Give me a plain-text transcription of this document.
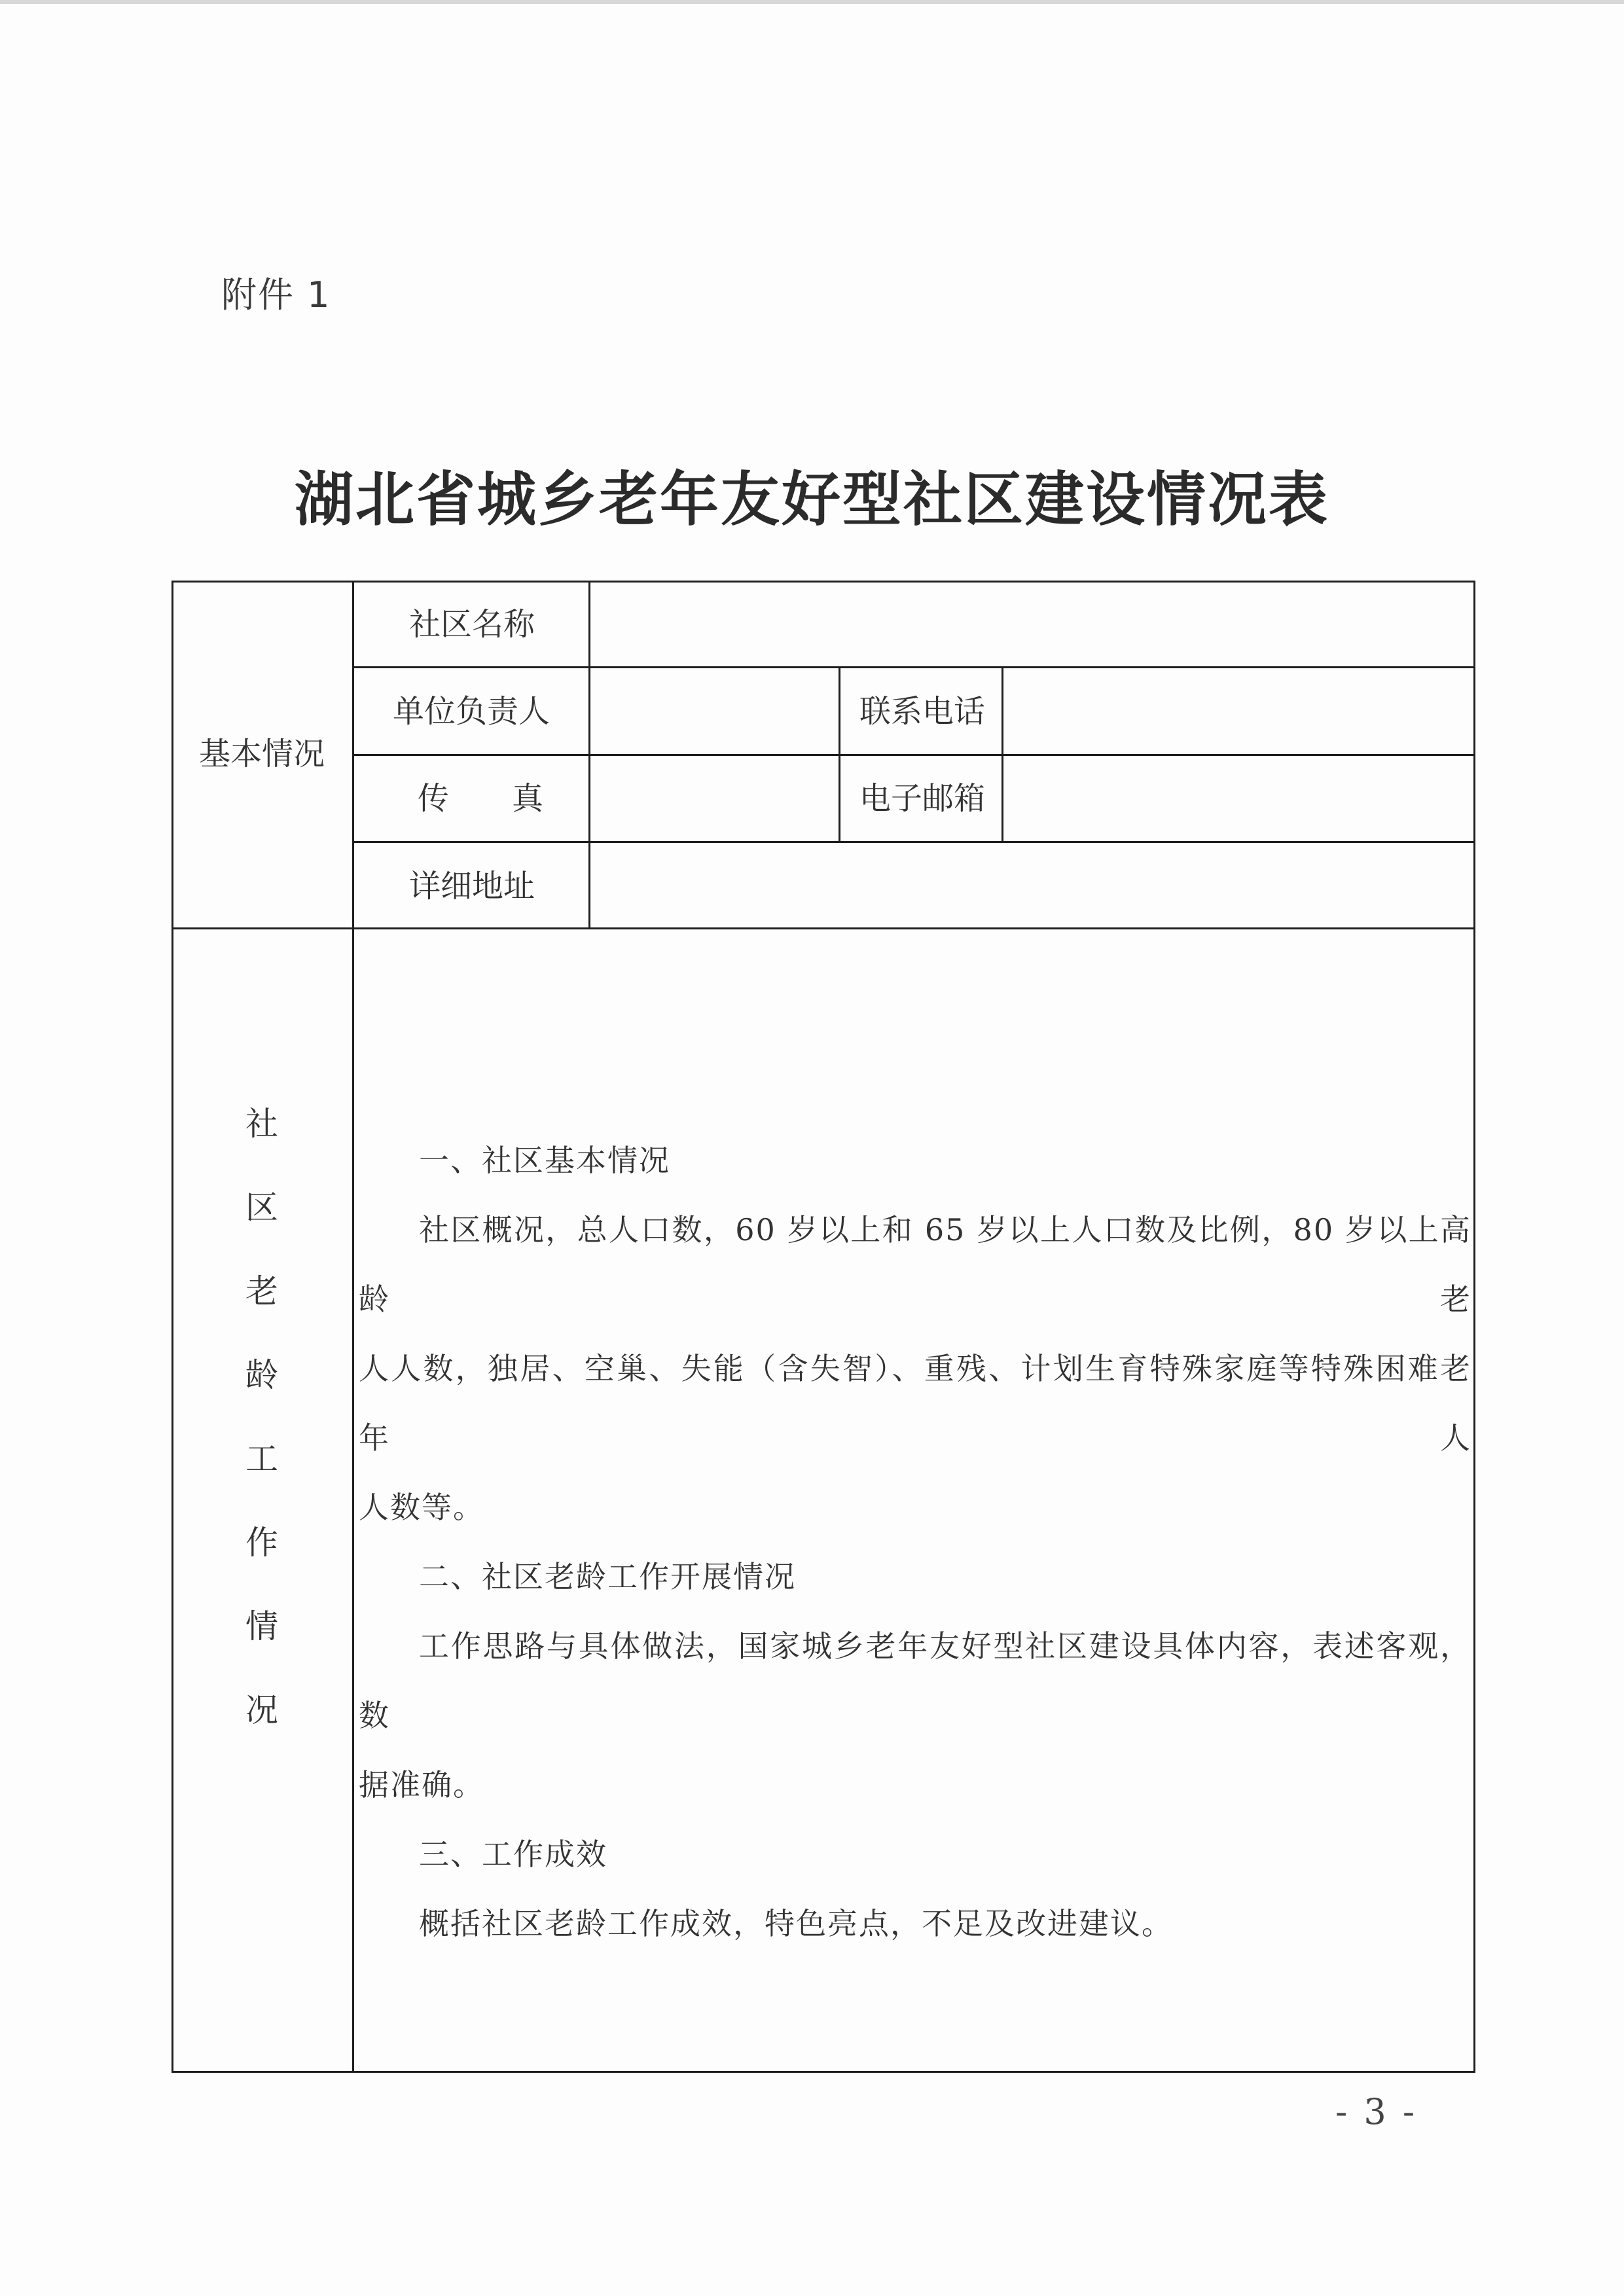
附件 1
湖北省城乡老年友好型社区建设情况表
基本情况
社区名称
单位负责人	联系电话
传　　真	电子邮箱
详细地址
社
区
老
龄
工
作
情
况

一、社区基本情况

社区概况，总人口数，60 岁以上和 65 岁以上人口数及比例，80 岁以上高龄老

人人数，独居、空巢、失能（含失智）、重残、计划生育特殊家庭等特殊困难老年人

人数等。

二、社区老龄工作开展情况

工作思路与具体做法，国家城乡老年友好型社区建设具体内容，表述客观，数

据准确。

三、工作成效

概括社区老龄工作成效，特色亮点，不足及改进建议。

- 3 -
